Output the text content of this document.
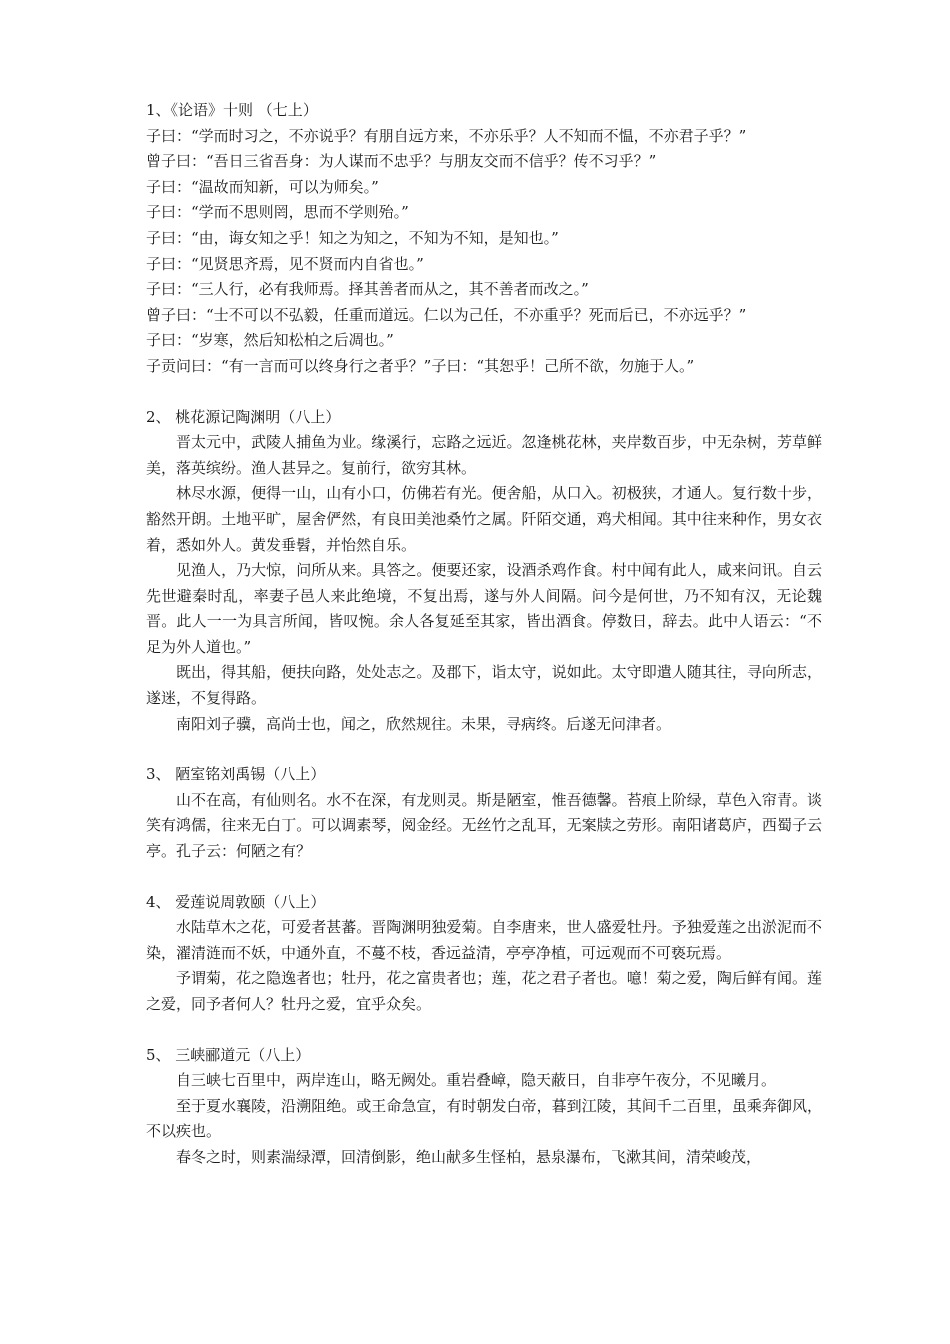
1、《论语》十则 （七上）
子曰：“学而时习之，不亦说乎？有朋自远方来，不亦乐乎？人不知而不愠，不亦君子乎？”
曾子曰：“吾日三省吾身：为人谋而不忠乎？与朋友交而不信乎？传不习乎？”
子曰：“温故而知新，可以为师矣。”
子曰：“学而不思则罔，思而不学则殆。”
子曰：“由，诲女知之乎！知之为知之，不知为不知，是知也。”
子曰：“见贤思齐焉，见不贤而内自省也。”
子曰：“三人行，必有我师焉。择其善者而从之，其不善者而改之。”
曾子曰：“士不可以不弘毅，任重而道远。仁以为己任，不亦重乎？死而后已，不亦远乎？”
子曰：“岁寒，然后知松柏之后凋也。”
子贡问曰：“有一言而可以终身行之者乎？”子曰：“其恕乎！己所不欲，勿施于人。”
2、 桃花源记陶渊明（八上）
晋太元中，武陵人捕鱼为业。缘溪行，忘路之远近。忽逢桃花林，夹岸数百步，中无杂树，芳草鲜美，落英缤纷。渔人甚异之。复前行，欲穷其林。
林尽水源，便得一山，山有小口，仿佛若有光。便舍船，从口入。初极狭，才通人。复行数十步，豁然开朗。土地平旷，屋舍俨然，有良田美池桑竹之属。阡陌交通，鸡犬相闻。其中往来种作，男女衣着，悉如外人。黄发垂髫，并怡然自乐。
见渔人，乃大惊，问所从来。具答之。便要还家，设酒杀鸡作食。村中闻有此人，咸来问讯。自云先世避秦时乱，率妻子邑人来此绝境，不复出焉，遂与外人间隔。问今是何世，乃不知有汉，无论魏晋。此人一一为具言所闻，皆叹惋。余人各复延至其家，皆出酒食。停数日，辞去。此中人语云：“不足为外人道也。”
既出，得其船，便扶向路，处处志之。及郡下，诣太守，说如此。太守即遣人随其往，寻向所志，遂迷，不复得路。
南阳刘子骥，高尚士也，闻之，欣然规往。未果，寻病终。后遂无问津者。
3、 陋室铭刘禹锡（八上）
山不在高，有仙则名。水不在深，有龙则灵。斯是陋室，惟吾德馨。苔痕上阶绿，草色入帘青。谈笑有鸿儒，往来无白丁。可以调素琴，阅金经。无丝竹之乱耳，无案牍之劳形。南阳诸葛庐，西蜀子云亭。孔子云：何陋之有？
4、 爱莲说周敦颐（八上）
水陆草木之花，可爱者甚蕃。晋陶渊明独爱菊。自李唐来，世人盛爱牡丹。予独爱莲之出淤泥而不染，濯清涟而不妖，中通外直，不蔓不枝，香远益清，亭亭净植，可远观而不可亵玩焉。
予谓菊，花之隐逸者也；牡丹，花之富贵者也；莲，花之君子者也。噫！菊之爱，陶后鲜有闻。莲之爱，同予者何人？牡丹之爱，宜乎众矣。
5、 三峡郦道元（八上）
自三峡七百里中，两岸连山，略无阙处。重岩叠嶂，隐天蔽日，自非亭午夜分，不见曦月。
至于夏水襄陵，沿溯阻绝。或王命急宣，有时朝发白帝，暮到江陵，其间千二百里，虽乘奔御风，不以疾也。
春冬之时，则素湍绿潭，回清倒影，绝山献多生怪柏，悬泉瀑布，飞漱其间，清荣峻茂，
